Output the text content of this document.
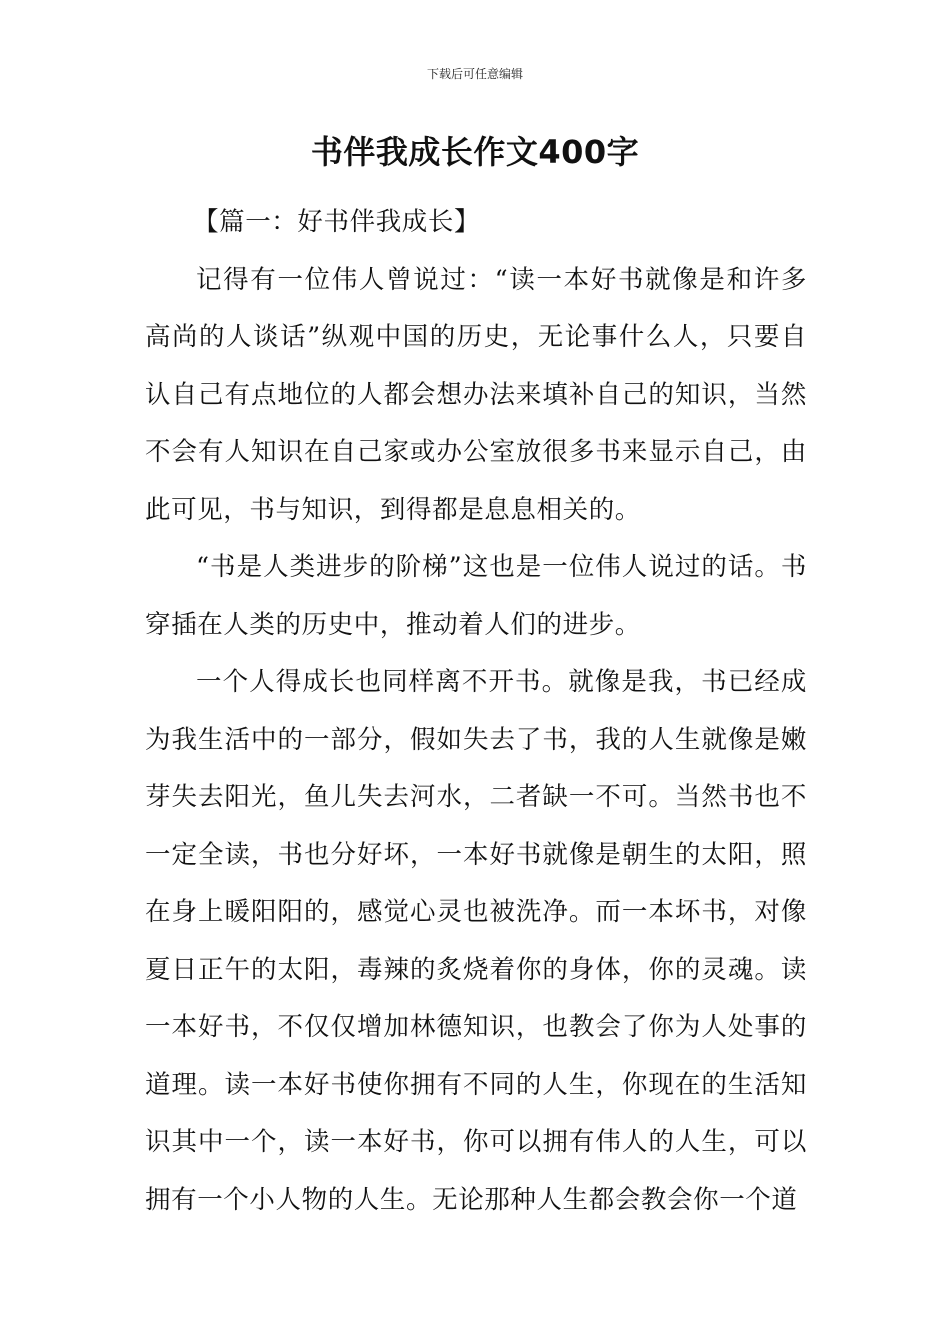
下载后可任意编辑
书伴我成长作文400字

【篇一：好书伴我成长】

记得有一位伟人曾说过：“读一本好书就像是和许多高尚的人谈话”纵观中国的历史，无论事什么人，只要自认自己有点地位的人都会想办法来填补自己的知识，当然不会有人知识在自己家或办公室放很多书来显示自己，由此可见，书与知识，到得都是息息相关的。

“书是人类进步的阶梯”这也是一位伟人说过的话。书穿插在人类的历史中，推动着人们的进步。

一个人得成长也同样离不开书。就像是我，书已经成为我生活中的一部分，假如失去了书，我的人生就像是嫩芽失去阳光，鱼儿失去河水，二者缺一不可。当然书也不一定全读，书也分好坏，一本好书就像是朝生的太阳，照在身上暖阳阳的，感觉心灵也被洗净。而一本坏书，对像夏日正午的太阳，毒辣的炙烧着你的身体，你的灵魂。读一本好书，不仅仅增加林德知识，也教会了你为人处事的道理。读一本好书使你拥有不同的人生，你现在的生活知识其中一个，读一本好书，你可以拥有伟人的人生，可以拥有一个小人物的人生。无论那种人生都会教会你一个道
